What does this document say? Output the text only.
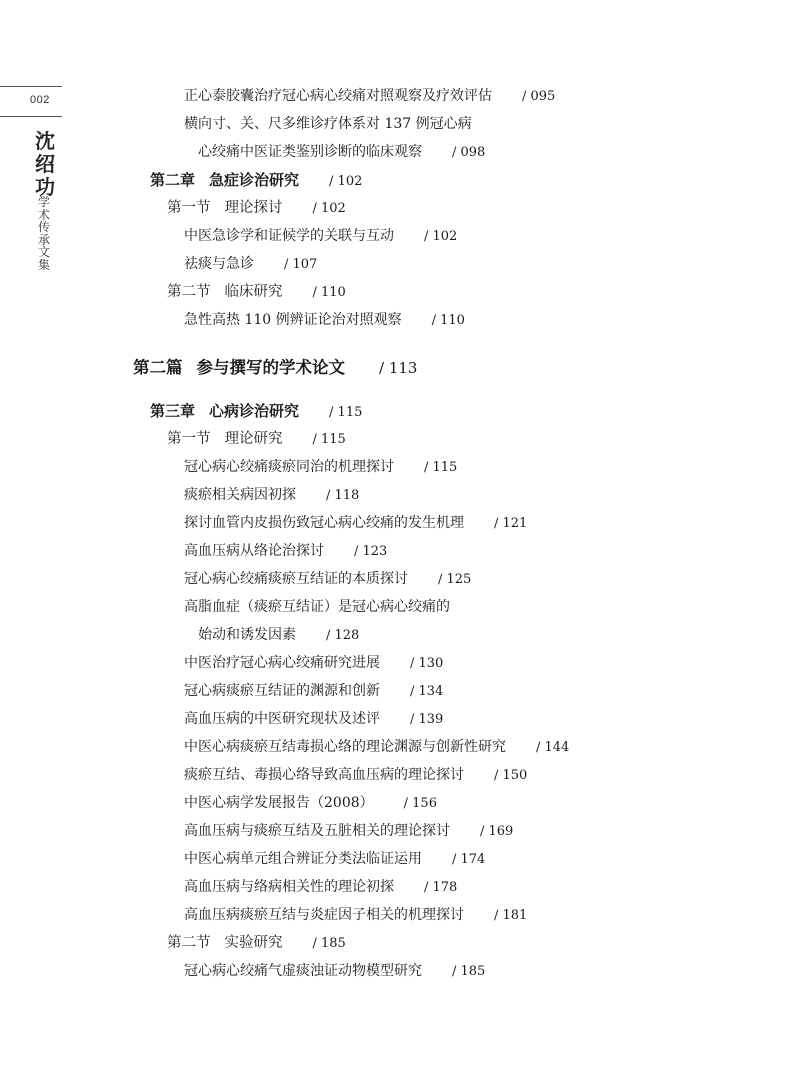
002
沈绍功
学术传承文集
正心泰胶囊治疗冠心病心绞痛对照观察及疗效评估 / 095
横向寸、关、尺多维诊疗体系对 137 例冠心病
心绞痛中医证类鉴别诊断的临床观察 / 098
第二章 急症诊治研究 / 102
第一节 理论探讨 / 102
中医急诊学和证候学的关联与互动 / 102
祛痰与急诊 / 107
第二节 临床研究 / 110
急性高热 110 例辨证论治对照观察 / 110
第二篇 参与撰写的学术论文 / 113
第三章 心病诊治研究 / 115
第一节 理论研究 / 115
冠心病心绞痛痰瘀同治的机理探讨 / 115
痰瘀相关病因初探 / 118
探讨血管内皮损伤致冠心病心绞痛的发生机理 / 121
高血压病从络论治探讨 / 123
冠心病心绞痛痰瘀互结证的本质探讨 / 125
高脂血症（痰瘀互结证）是冠心病心绞痛的
始动和诱发因素 / 128
中医治疗冠心病心绞痛研究进展 / 130
冠心病痰瘀互结证的渊源和创新 / 134
高血压病的中医研究现状及述评 / 139
中医心病痰瘀互结毒损心络的理论渊源与创新性研究 / 144
痰瘀互结、毒损心络导致高血压病的理论探讨 / 150
中医心病学发展报告（2008） / 156
高血压病与痰瘀互结及五脏相关的理论探讨 / 169
中医心病单元组合辨证分类法临证运用 / 174
高血压病与络病相关性的理论初探 / 178
高血压病痰瘀互结与炎症因子相关的机理探讨 / 181
第二节 实验研究 / 185
冠心病心绞痛气虚痰浊证动物模型研究 / 185
